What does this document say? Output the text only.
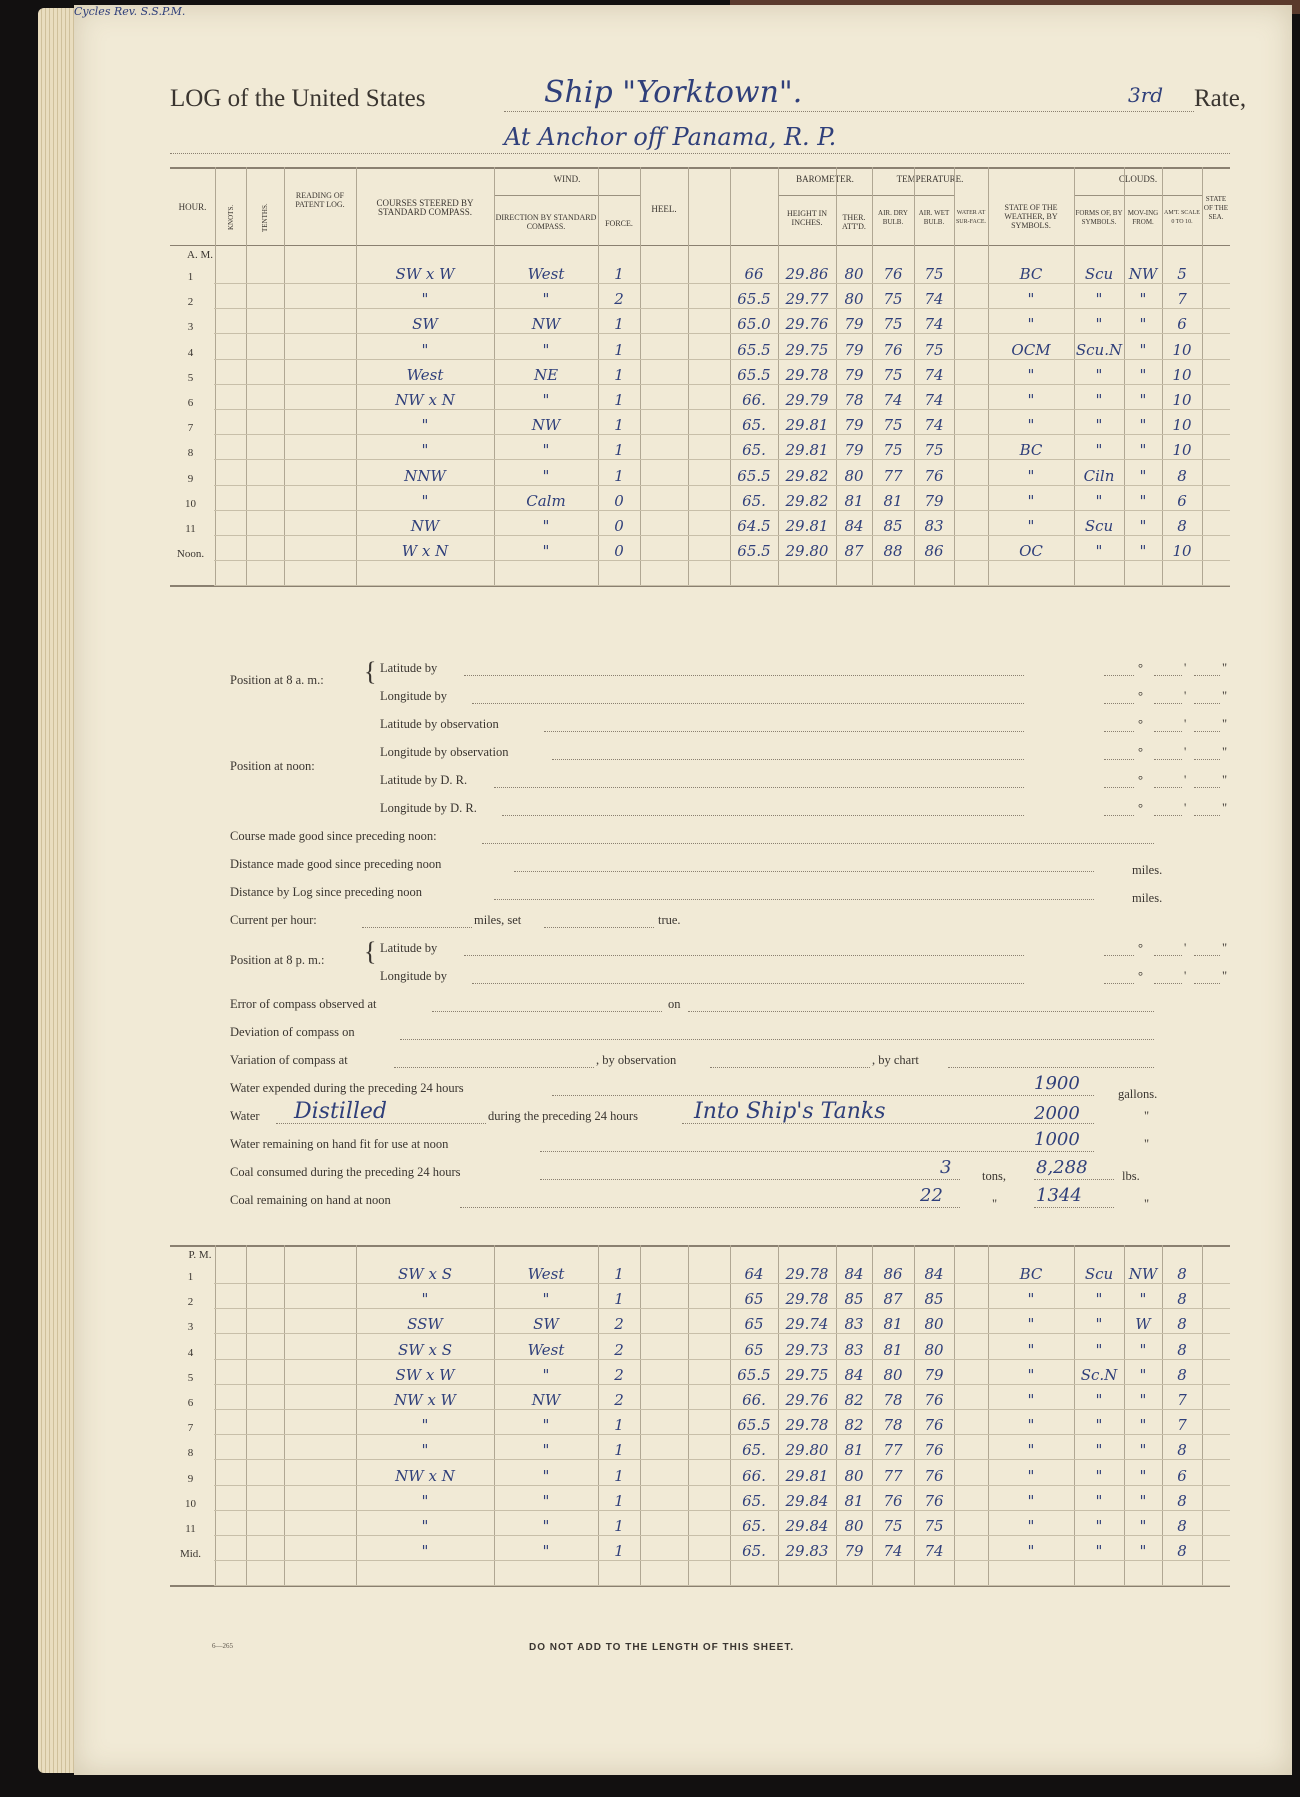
LOG of the United States	Ship "Yorktown".	3rd Rate,
At Anchor off Panama, R. P.
HOUR.	KNOTS.	TENTHS.
READING OF PATENT LOG.	COURSES STEERED BY STANDARD COMPASS.
WIND.
DIRECTION BY STANDARD COMPASS.	FORCE.
HEEL.
Cycles Rev. S.S.P.M.
BAROMETER.
HEIGHT IN INCHES.
THER. ATT'D.
TEMPERATURE.
AIR. DRY BULB.
AIR. WET BULB.
WATER AT SUR-FACE.
STATE OF THE WEATHER, BY SYMBOLS.
CLOUDS.
FORMS OF, BY SYMBOLS.
MOV-ING FROM.
AM'T. SCALE 0 TO 10.
STATE OF THE SEA.
A. M.
1	SW x W	West	1	66	29.86	80	76	75	BC	Scu	NW	5
2	"	"	2	65.5 29.77	80	75	74	"	"	"	7
3	SW	NW	1	65.0 29.76	79	75	74	"	"	"	6
4	"	"	1	65.5 29.75	79	76	75	OCM	Scu.N	"	10
5	West	NE	1	65.5 29.78	79	75	74	"	"	"	10
6	NW x N	"	1	66.	29.79	78	74	74	"	"	"	10
7	"	NW	1	65.	29.81	79	75	74	"	"	"	10
8	"	"	1	65.	29.81	79	75	75	BC	"	"	10
9	NNW	"	1	65.5 29.82	80	77	76	"	Ciln	"	8
10	"	Calm	0	65.	29.82	81	81	79	"	"	"	6
11	NW	"	0	64.5 29.81	84	85	83	"	Scu	"	8
Noon.	W x N	"	0	65.5 29.80	87	88	86	OC	"	"	10
P. M.
1	SW x S	West	1	64	29.78	84	86	84	BC	Scu	NW	8
2	"	"	1	65	29.78	85	87	85	"	"	"	8
3	SSW	SW	2	65	29.74	83	81	80	"	"	W	8
4	SW x S	West	2	65	29.73	83	81	80	"	"	"	8
5	SW x W	"	2	65.5 29.75	84	80	79	"	Sc.N	"	8
6	NW x W	NW	2	66.	29.76	82	78	76	"	"	"	7
7	"	"	1	65.5 29.78	82	78	76	"	"	"	7
8	"	"	1	65.	29.80	81	77	76	"	"	"	8
9	NW x N	"	1	66.	29.81	80	77	76	"	"	"	6
10	"	"	1	65.	29.84	81	76	76	"	"	"	8
11	"	"	1	65.	29.84	80	75	75	"	"	"	8
Mid.	"	"	1	65.	29.83	79	74	74	"	"	"	8
Position at 8 a. m.: { Latitude by
Longitude by
Latitude by observation
Position at noon:
Longitude by observation
Latitude by D. R.
Longitude by D. R.
Course made good since preceding noon:
Distance made good since preceding noon	miles.
Distance by Log since preceding noon	miles.
Current per hour:	miles, set	true.
Position at 8 p. m.: { Latitude by
Longitude by
Error of compass observed at	on
Deviation of compass on
Variation of compass at	, by observation	, by chart
Water expended during the preceding 24 hours	1900	gallons.
Water Distilled	during the preceding 24 hours	Into Ship's Tanks	2000	"
Water remaining on hand fit for use at noon	1000	"
Coal consumed during the preceding 24 hours	3 tons, 8,288	lbs.
Coal remaining on hand at noon	22	" 1344	"
°	'	"
°	'	"
°	'	"
°	'	"
°	'	"
°	'	"
°	'	"
°	'	"
6—265	DO NOT ADD TO THE LENGTH OF THIS SHEET.
